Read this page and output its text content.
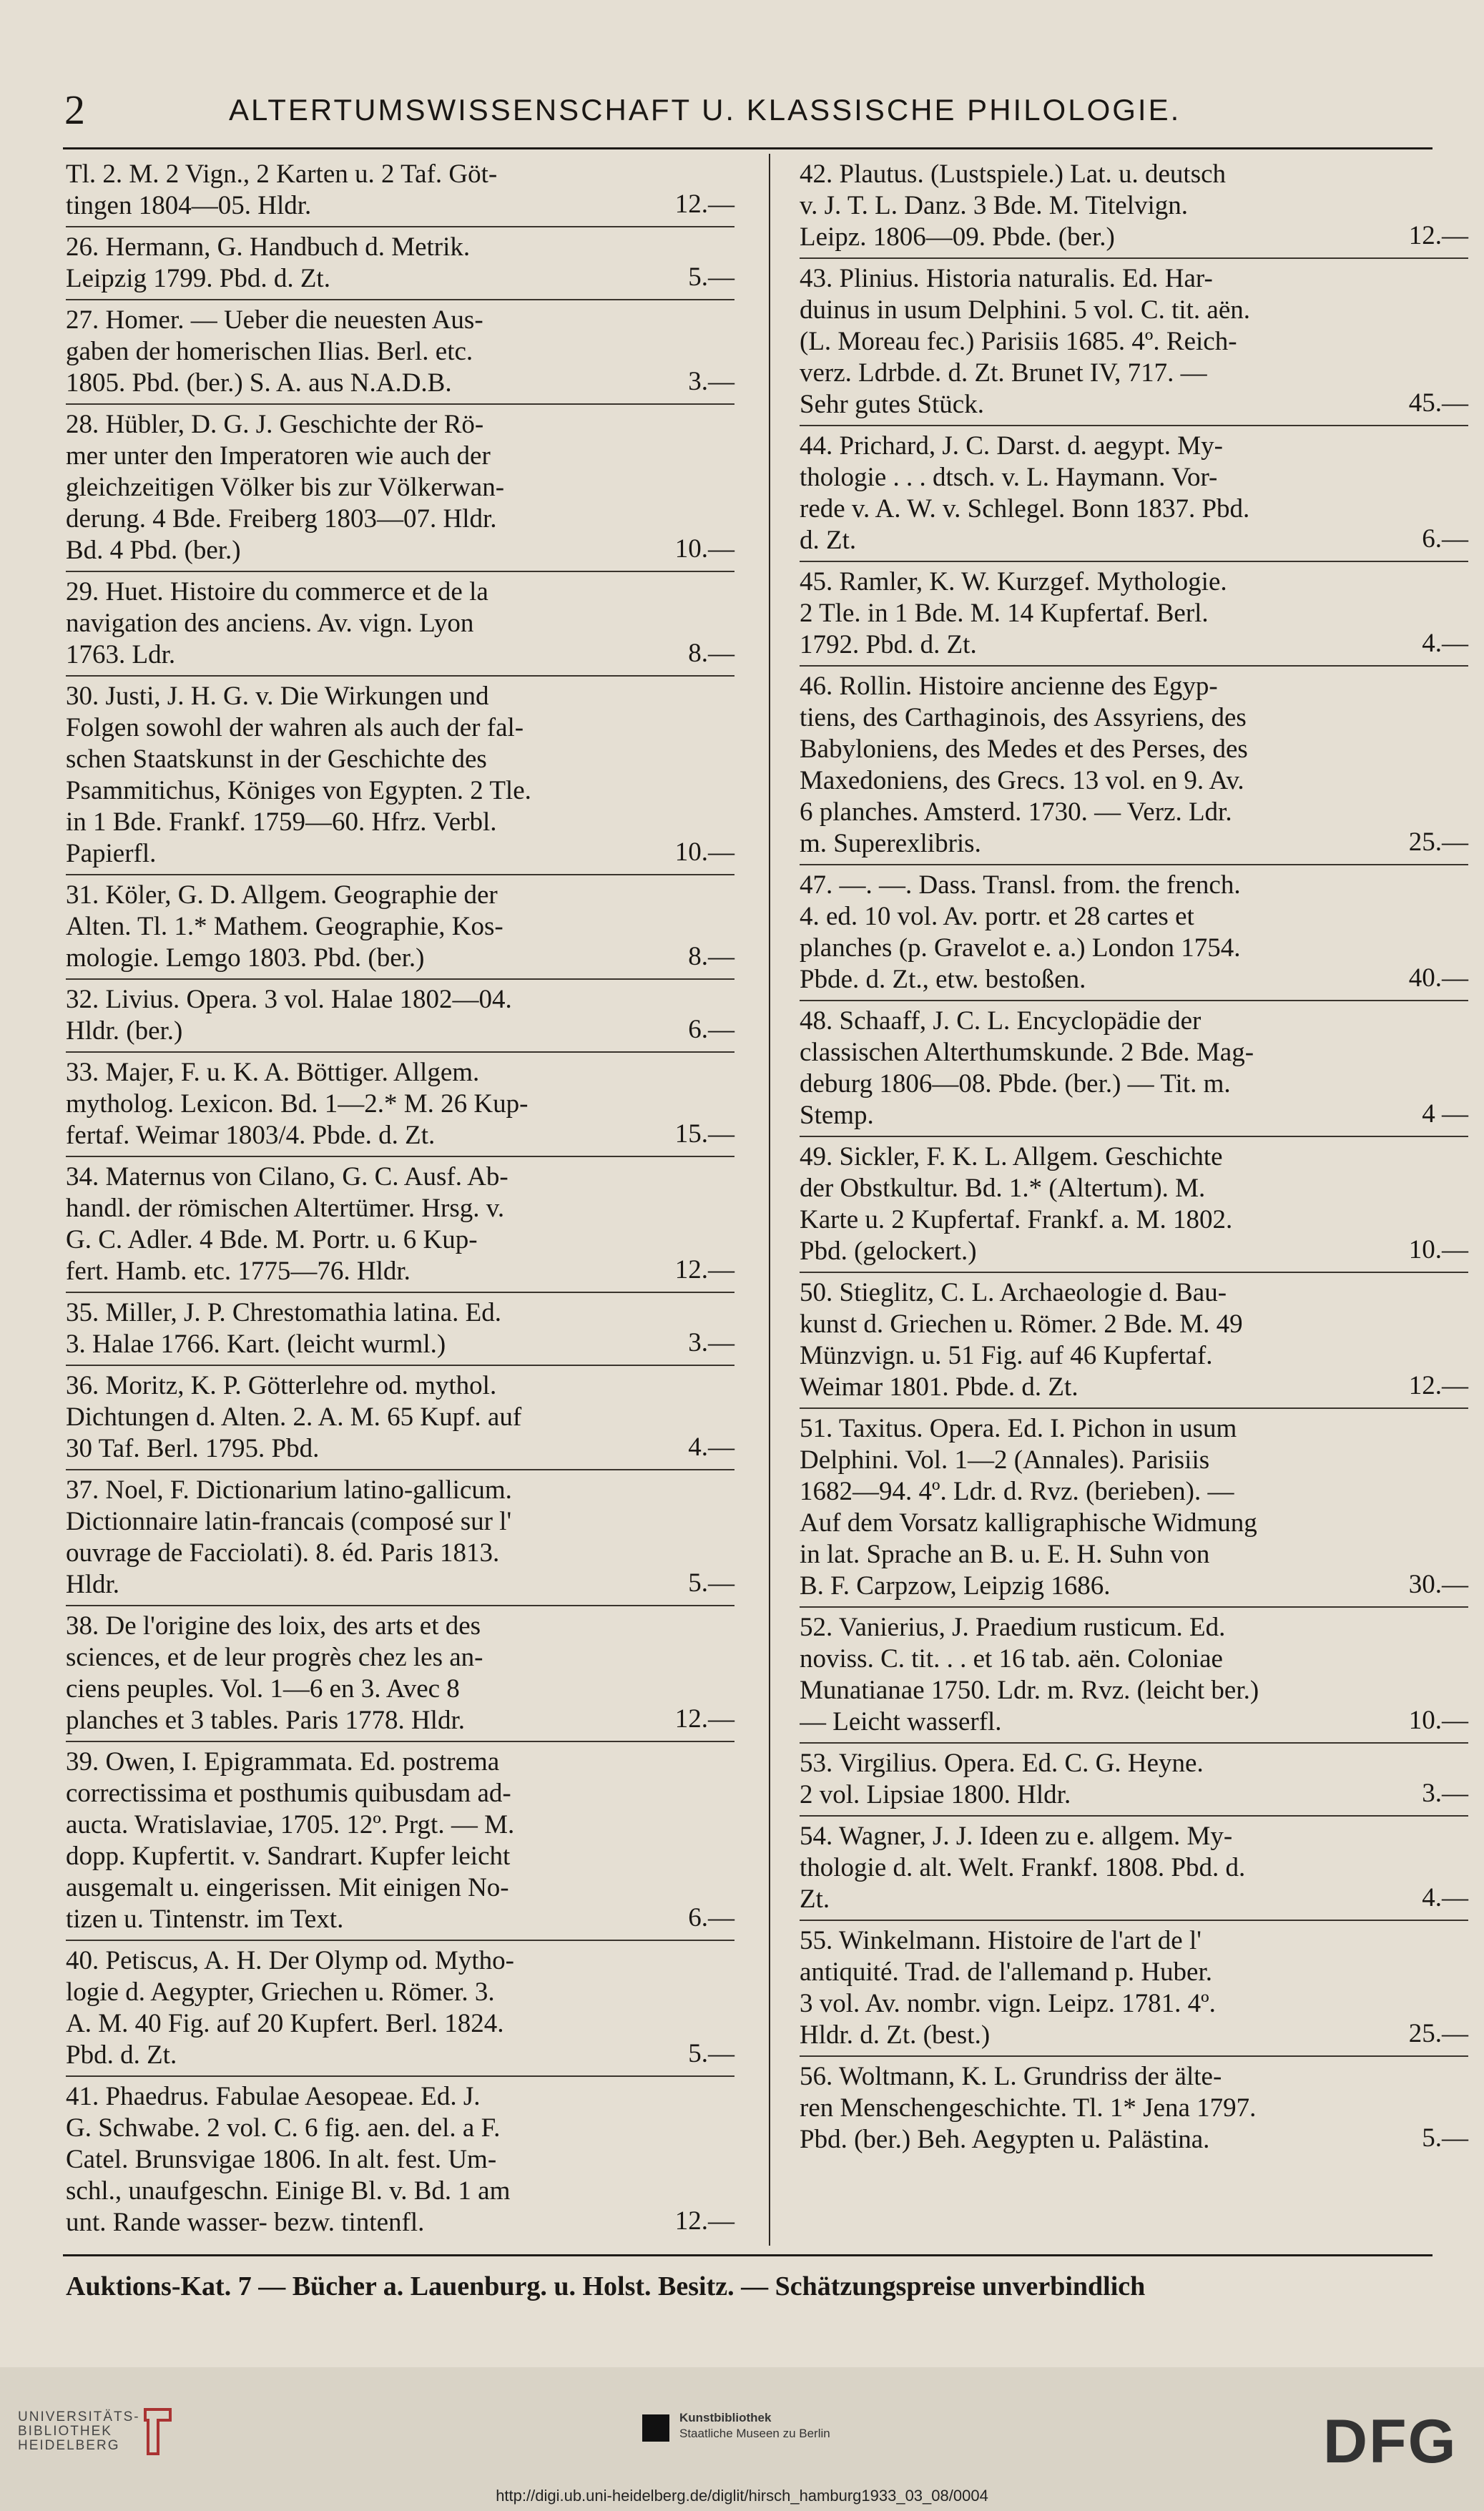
2	ALTERTUMSWISSENSCHAFT U. KLASSISCHE PHILOLOGIE.
Tl. 2. M. 2 Vign., 2 Karten u. 2 Taf. Göt-
tingen 1804—05. Hldr.	12.—
26. Hermann, G. Handbuch d. Metrik.
Leipzig 1799. Pbd. d. Zt.	5.—
27. Homer. — Ueber die neuesten Aus-
gaben der homerischen Ilias. Berl. etc.
1805. Pbd. (ber.) S. A. aus N.A.D.B.	3.—
28. Hübler, D. G. J. Geschichte der Rö-
mer unter den Imperatoren wie auch der
gleichzeitigen Völker bis zur Völkerwan-
derung. 4 Bde. Freiberg 1803—07. Hldr.
Bd. 4 Pbd. (ber.)	10.—
29. Huet. Histoire du commerce et de la
navigation des anciens. Av. vign. Lyon
1763. Ldr.	8.—
30. Justi, J. H. G. v. Die Wirkungen und
Folgen sowohl der wahren als auch der fal-
schen Staatskunst in der Geschichte des
Psammitichus, Königes von Egypten. 2 Tle.
in 1 Bde. Frankf. 1759—60. Hfrz. Verbl.
Papierfl.	10.—
31. Köler, G. D. Allgem. Geographie der
Alten. Tl. 1.* Mathem. Geographie, Kos-
mologie. Lemgo 1803. Pbd. (ber.)	8.—
32. Livius. Opera. 3 vol. Halae 1802—04.
Hldr. (ber.)	6.—
33. Majer, F. u. K. A. Böttiger. Allgem.
mytholog. Lexicon. Bd. 1—2.* M. 26 Kup-
fertaf. Weimar 1803/4. Pbde. d. Zt.	15.—
34. Maternus von Cilano, G. C. Ausf. Ab-
handl. der römischen Altertümer. Hrsg. v.
G. C. Adler. 4 Bde. M. Portr. u. 6 Kup-
fert. Hamb. etc. 1775—76. Hldr.	12.—
35. Miller, J. P. Chrestomathia latina. Ed.
3. Halae 1766. Kart. (leicht wurml.)	3.—
36. Moritz, K. P. Götterlehre od. mythol.
Dichtungen d. Alten. 2. A. M. 65 Kupf. auf
30 Taf. Berl. 1795. Pbd.	4.—
37. Noel, F. Dictionarium latino-gallicum.
Dictionnaire latin-francais (composé sur l'
ouvrage de Facciolati). 8. éd. Paris 1813.
Hldr.	5.—
38. De l'origine des loix, des arts et des
sciences, et de leur progrès chez les an-
ciens peuples. Vol. 1—6 en 3. Avec 8
planches et 3 tables. Paris 1778. Hldr.	12.—
39. Owen, I. Epigrammata. Ed. postrema
correctissima et posthumis quibusdam ad-
aucta. Wratislaviae, 1705. 12º. Prgt. — M.
dopp. Kupfertit. v. Sandrart. Kupfer leicht
ausgemalt u. eingerissen. Mit einigen No-
tizen u. Tintenstr. im Text.	6.—
40. Petiscus, A. H. Der Olymp od. Mytho-
logie d. Aegypter, Griechen u. Römer. 3.
A. M. 40 Fig. auf 20 Kupfert. Berl. 1824.
Pbd. d. Zt.	5.—
41. Phaedrus. Fabulae Aesopeae. Ed. J.
G. Schwabe. 2 vol. C. 6 fig. aen. del. a F.
Catel. Brunsvigae 1806. In alt. fest. Um-
schl., unaufgeschn. Einige Bl. v. Bd. 1 am
unt. Rande wasser- bezw. tintenfl.	12.—
42. Plautus. (Lustspiele.) Lat. u. deutsch
v. J. T. L. Danz. 3 Bde. M. Titelvign.
Leipz. 1806—09. Pbde. (ber.)	12.—
43. Plinius. Historia naturalis. Ed. Har-
duinus in usum Delphini. 5 vol. C. tit. aën.
(L. Moreau fec.) Parisiis 1685. 4º. Reich-
verz. Ldrbde. d. Zt. Brunet IV, 717. —
Sehr gutes Stück.	45.—
44. Prichard, J. C. Darst. d. aegypt. My-
thologie . . . dtsch. v. L. Haymann. Vor-
rede v. A. W. v. Schlegel. Bonn 1837. Pbd.
d. Zt.	6.—
45. Ramler, K. W. Kurzgef. Mythologie.
2 Tle. in 1 Bde. M. 14 Kupfertaf. Berl.
1792. Pbd. d. Zt.	4.—
46. Rollin. Histoire ancienne des Egyp-
tiens, des Carthaginois, des Assyriens, des
Babyloniens, des Medes et des Perses, des
Maxedoniens, des Grecs. 13 vol. en 9. Av.
6 planches. Amsterd. 1730. — Verz. Ldr.
m. Superexlibris.	25.—
47. —. —. Dass. Transl. from. the french.
4. ed. 10 vol. Av. portr. et 28 cartes et
planches (p. Gravelot e. a.) London 1754.
Pbde. d. Zt., etw. bestoßen.	40.—
48. Schaaff, J. C. L. Encyclopädie der
classischen Alterthumskunde. 2 Bde. Mag-
deburg 1806—08. Pbde. (ber.) — Tit. m.
Stemp.	4 —
49. Sickler, F. K. L. Allgem. Geschichte
der Obstkultur. Bd. 1.* (Altertum). M.
Karte u. 2 Kupfertaf. Frankf. a. M. 1802.
Pbd. (gelockert.)	10.—
50. Stieglitz, C. L. Archaeologie d. Bau-
kunst d. Griechen u. Römer. 2 Bde. M. 49
Münzvign. u. 51 Fig. auf 46 Kupfertaf.
Weimar 1801. Pbde. d. Zt.	12.—
51. Taxitus. Opera. Ed. I. Pichon in usum
Delphini. Vol. 1—2 (Annales). Parisiis
1682—94. 4º. Ldr. d. Rvz. (berieben). —
Auf dem Vorsatz kalligraphische Widmung
in lat. Sprache an B. u. E. H. Suhn von
B. F. Carpzow, Leipzig 1686.	30.—
52. Vanierius, J. Praedium rusticum. Ed.
noviss. C. tit. . . et 16 tab. aën. Coloniae
Munatianae 1750. Ldr. m. Rvz. (leicht ber.)
— Leicht wasserfl.	10.—
53. Virgilius. Opera. Ed. C. G. Heyne.
2 vol. Lipsiae 1800. Hldr.	3.—
54. Wagner, J. J. Ideen zu e. allgem. My-
thologie d. alt. Welt. Frankf. 1808. Pbd. d.
Zt.	4.—
55. Winkelmann. Histoire de l'art de l'
antiquité. Trad. de l'allemand p. Huber.
3 vol. Av. nombr. vign. Leipz. 1781. 4º.
Hldr. d. Zt. (best.)	25.—
56. Woltmann, K. L. Grundriss der älte-
ren Menschengeschichte. Tl. 1* Jena 1797.
Pbd. (ber.) Beh. Aegypten u. Palästina.	5.—
Auktions-Kat. 7 — Bücher a. Lauenburg. u. Holst. Besitz. — Schätzungspreise unverbindlich
UNIVERSITÄTS-
BIBLIOTHEK
HEIDELBERG
Kunstbibliothek
Staatliche Museen zu Berlin	DFG
http://digi.ub.uni-heidelberg.de/diglit/hirsch_hamburg1933_03_08/0004
